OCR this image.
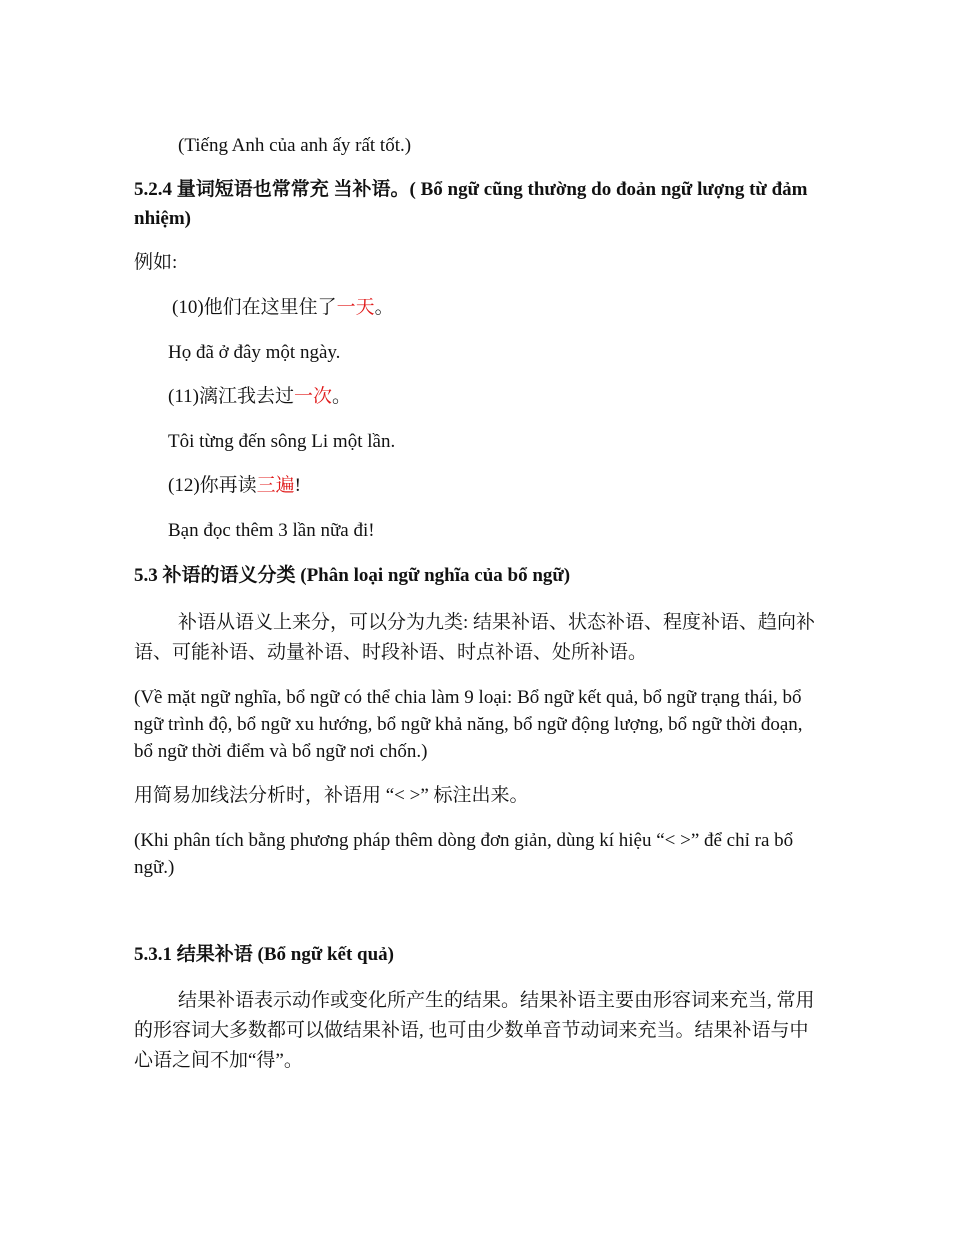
(Tiếng Anh của anh ấy rất tốt.)
5.2.4 量词短语也常常充 当补语。( Bổ ngữ cũng thường do đoản ngữ lượng từ đảm
nhiệm)
例如:
(10)他们在这里住了一天。
Họ đã ở đây một ngày.
(11)漓江我去过一次。
Tôi từng đến sông Li một lần.
(12)你再读三遍!
Bạn đọc thêm 3 lần nữa đi!
5.3 补语的语义分类 (Phân loại ngữ nghĩa của bổ ngữ)
补语从语义上来分，可以分为九类: 结果补语、状态补语、程度补语、趋向补
语、可能补语、动量补语、时段补语、时点补语、处所补语。
(Về mặt ngữ nghĩa, bổ ngữ có thể chia làm 9 loại: Bổ ngữ kết quả, bổ ngữ trạng thái, bổ
ngữ trình độ, bổ ngữ xu hướng, bổ ngữ khả năng, bổ ngữ động lượng, bổ ngữ thời đoạn,
bổ ngữ thời điểm và bổ ngữ nơi chốn.)
用简易加线法分析时，补语用 “< >” 标注出来。
(Khi phân tích bằng phương pháp thêm dòng đơn giản, dùng kí hiệu “< >” để chỉ ra bổ
ngữ.)
5.3.1 结果补语 (Bổ ngữ kết quả)
结果补语表示动作或变化所产生的结果。结果补语主要由形容词来充当, 常用
的形容词大多数都可以做结果补语, 也可由少数单音节动词来充当。结果补语与中
心语之间不加“得”。
